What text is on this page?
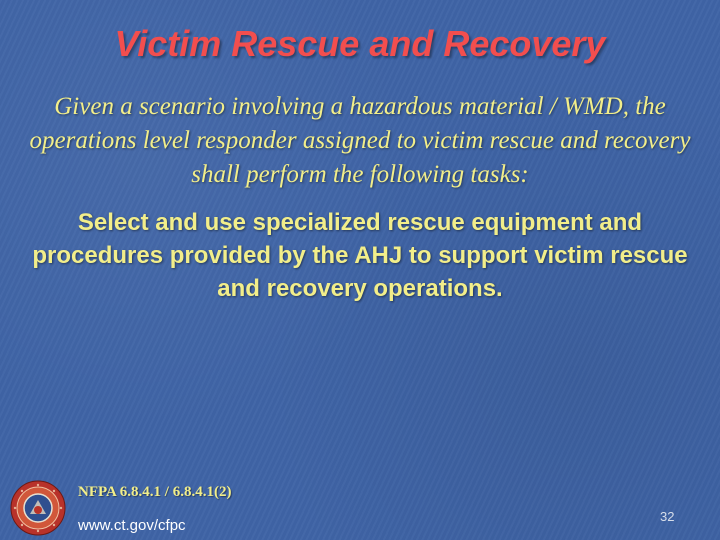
Victim Rescue and Recovery

Given a scenario involving a hazardous material / WMD, the operations level responder assigned to victim rescue and recovery shall perform the following tasks:

Select and use specialized rescue equipment and procedures provided by the AHJ to support victim rescue and recovery operations.

NFPA 6.8.4.1 / 6.8.4.1(2)

www.ct.gov/cfpc

32
